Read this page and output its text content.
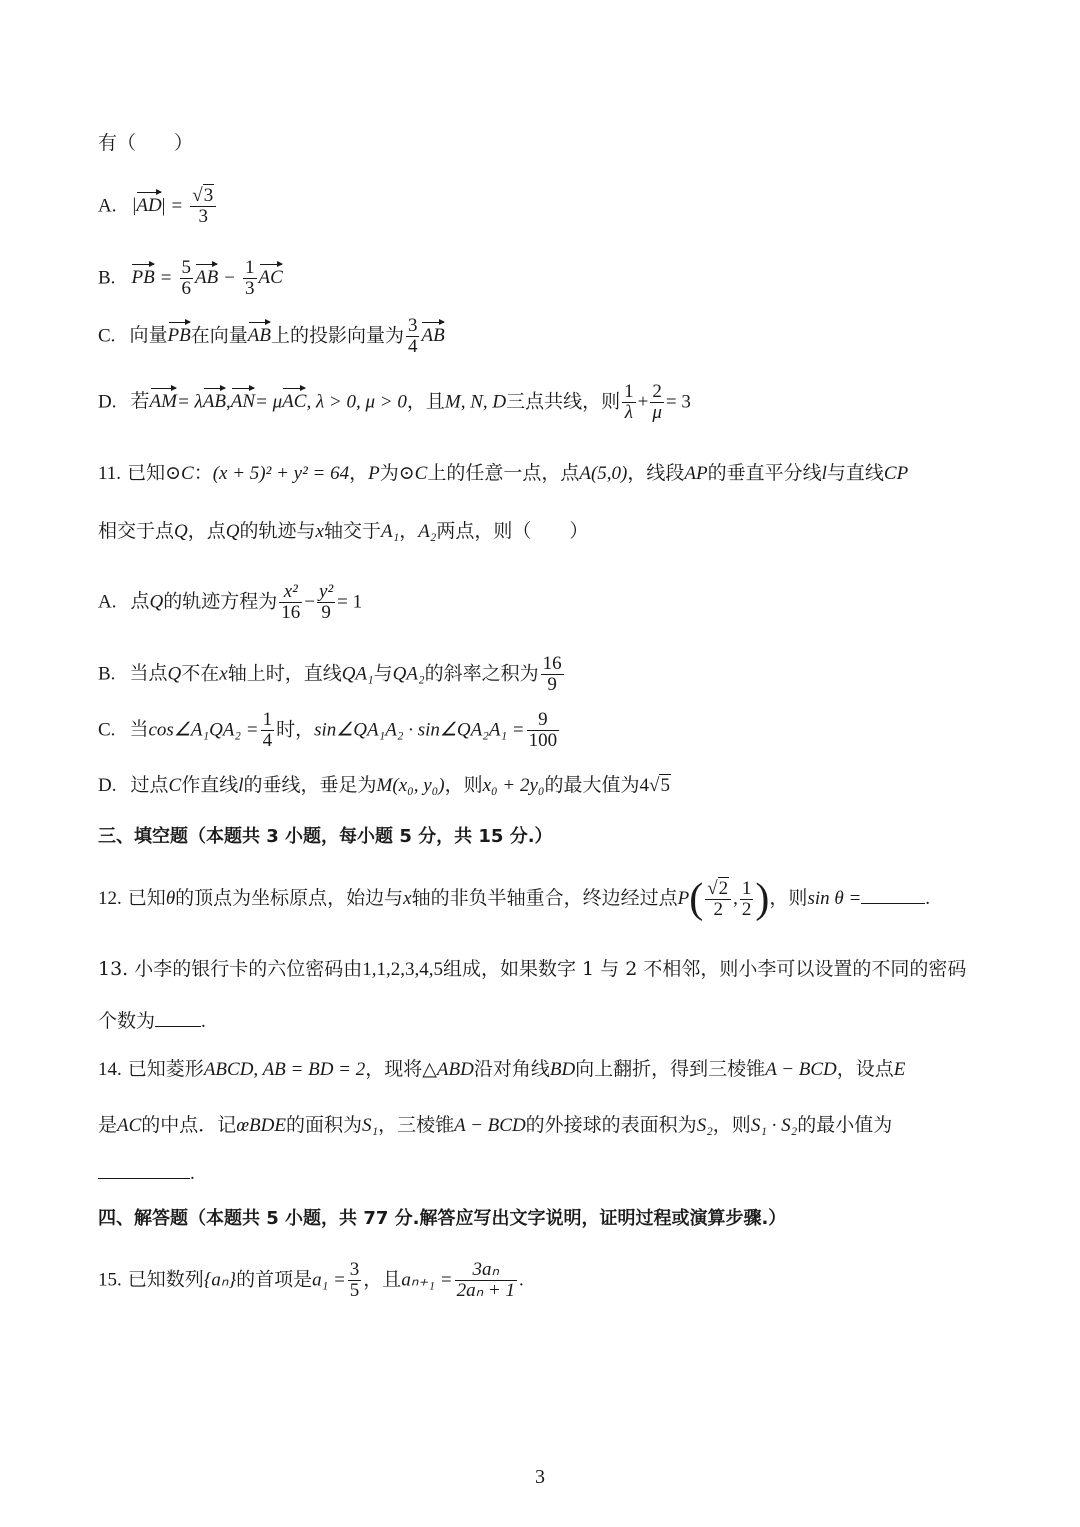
有（　　）
A. $|AD| = \frac{√3}{3}$
B. PB = $\frac{5}{6}$ AB − $\frac{1}{3}$ AC
C. 向量PB在向量AB上的投影向量为 $\frac{3}{4}$ AB
D. 若AM= λAB,AN= μAC, λ > 0, μ > 0，且M, N, D三点共线，则 $\frac{1}{\lambda} + \frac{2}{\mu} = 3$
11. 已知⊙C：(x + 5)² + y² = 64，P为⊙C上的任意一点，点A(5,0)，线段AP的垂直平分线l与直线CP
相交于点Q，点Q的轨迹与x轴交于A₁，A₂两点，则（　　）
A. 点Q的轨迹方程为 $\frac{\text{x²}}{16} - \frac{\text{y²}}{9} = 1$
B. 当点Q不在x轴上时，直线QA₁与QA₂的斜率之积为 $\frac{16}{9}$
C. 当cos∠A₁QA₂ = $\frac{1}{4}$ 时，sin∠QA₁A₂ · sin∠QA₂A₁ = $\frac{9}{100}$
D. 过点C作直线l的垂线，垂足为M(x₀, y₀)，则x₀ + 2y₀的最大值为4√5
三、填空题（本题共 3 小题，每小题 5 分，共 15 分.）
12. 已知θ的顶点为坐标原点，始边与x轴的非负半轴重合，终边经过点$P( \frac{√2}{2}$ , $\frac{1}{2}$ )，则sin θ =	.
13. 小李的银行卡的六位密码由1,1,2,3,4,5组成，如果数字 1 与 2 不相邻，则小李可以设置的不同的密码
个数为 .
14. 已知菱形ABCD, AB = BD = 2，现将△ABD沿对角线BD向上翻折，得到三棱锥A − BCD，设点E
是AC的中点．记œBDE的面积为S₁，三棱锥A − BCD的外接球的表面积为S₂，则S₁ · S₂的最小值为
.
四、解答题（本题共 5 小题，共 77 分.解答应写出文字说明，证明过程或演算步骤.）
15. 已知数列{aₙ}的首项是$a_1 = \frac{3}{5}$ ，且$a_{n+1} = \frac{\text{3aₙ}}{\text{2aₙ + 1}}$ .
3
